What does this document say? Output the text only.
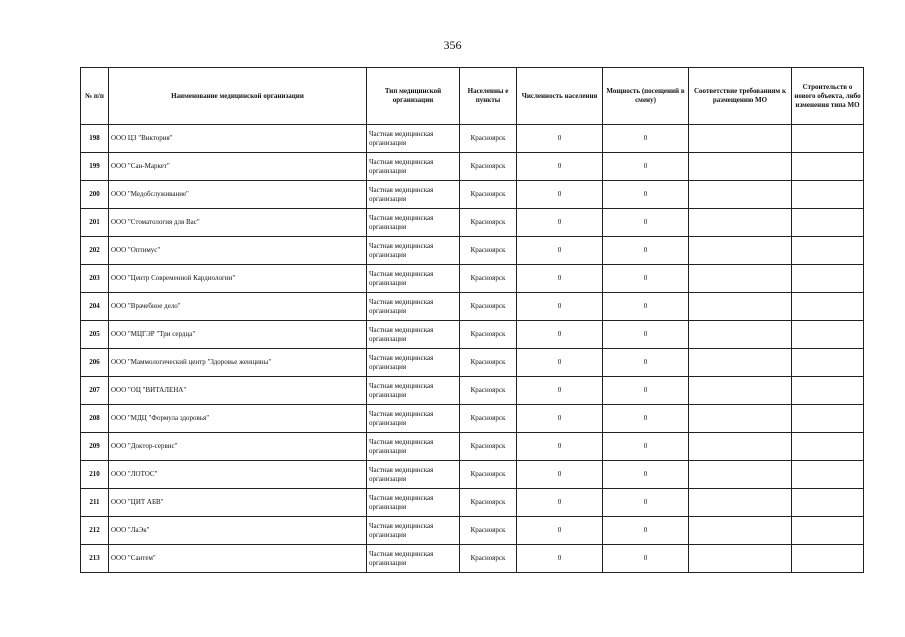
356
№ п/п	Наименование медицинской организации	Тип медицинской организации	Населенны е пункты	Численность населения	Мощность (посещений в смену)	Соответствие требованиям к размещению МО	Строительств о нового объекта, либо изменения типа МО
198	ООО ЦЗ "Виктория"	Частная медицинская организация	Красноярск	0	0		
199	ООО "Сан-Маркет"	Частная медицинская организация	Красноярск	0	0		
200	ООО "Медобслуживание"	Частная медицинская организация	Красноярск	0	0		
201	ООО "Стоматология для Вас"	Частная медицинская организация	Красноярск	0	0		
202	ООО "Оптимус"	Частная медицинская организация	Красноярск	0	0		
203	ООО "Центр Современной Кардиологии"	Частная медицинская организация	Красноярск	0	0		
204	ООО "Врачебное дело"	Частная медицинская организация	Красноярск	0	0		
205	ООО "МЦГЭР "Три сердца"	Частная медицинская организация	Красноярск	0	0		
206	ООО "Маммологический центр "Здоровье женщины"	Частная медицинская организация	Красноярск	0	0		
207	ООО "ОЦ "ВИТАЛЕНА"	Частная медицинская организация	Красноярск	0	0		
208	ООО "МДЦ "Формула здоровья"	Частная медицинская организация	Красноярск	0	0		
209	ООО "Доктор-сервис"	Частная медицинская организация	Красноярск	0	0		
210	ООО "ЛОТОС"	Частная медицинская организация	Красноярск	0	0		
211	ООО "ЦИТ АБВ"	Частная медицинская организация	Красноярск	0	0		
212	ООО "ЛаЭк"	Частная медицинская организация	Красноярск	0	0		
213	ООО "Сантем"	Частная медицинская организация	Красноярск	0	0		
